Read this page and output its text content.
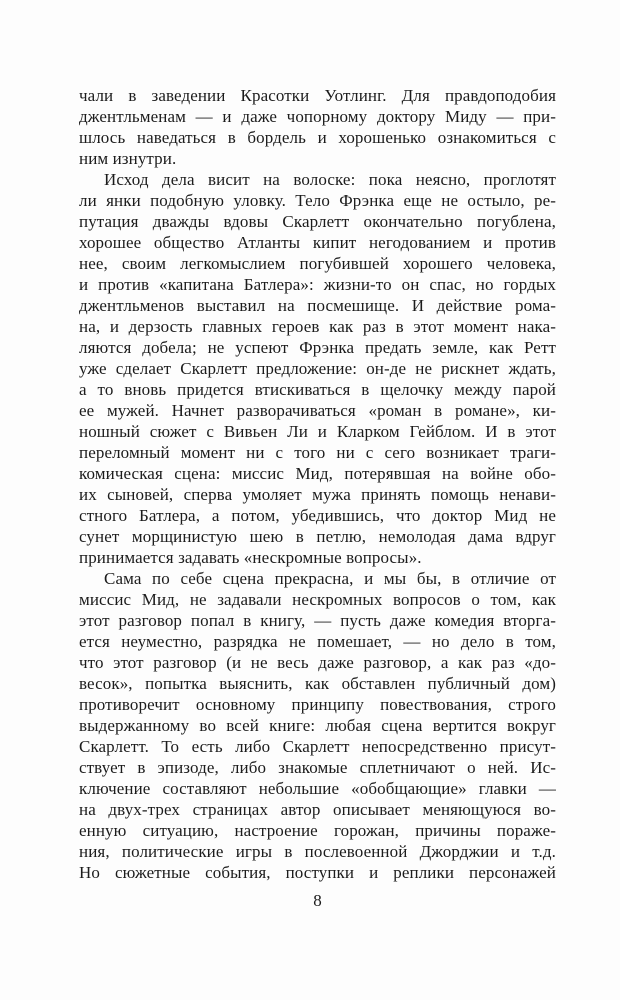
чали в заведении Красотки Уотлинг. Для правдоподобия
джентльменам — и даже чопорному доктору Миду — при-
шлось наведаться в бордель и хорошенько ознакомиться с
ним изнутри.
Исход дела висит на волоске: пока неясно, проглотят
ли янки подобную уловку. Тело Фрэнка еще не остыло, ре-
путация дважды вдовы Скарлетт окончательно погублена,
хорошее общество Атланты кипит негодованием и против
нее, своим легкомыслием погубившей хорошего человека,
и против «капитана Батлера»: жизни-то он спас, но гордых
джентльменов выставил на посмешище. И действие рома-
на, и дерзость главных героев как раз в этот момент нака-
ляются добела; не успеют Фрэнка предать земле, как Ретт
уже сделает Скарлетт предложение: он-де не рискнет ждать,
а то вновь придется втискиваться в щелочку между парой
ее мужей. Начнет разворачиваться «роман в романе», ки-
ношный сюжет с Вивьен Ли и Кларком Гейблом. И в этот
переломный момент ни с того ни с сего возникает траги-
комическая сцена: миссис Мид, потерявшая на войне обо-
их сыновей, сперва умоляет мужа принять помощь ненави-
стного Батлера, а потом, убедившись, что доктор Мид не
сунет морщинистую шею в петлю, немолодая дама вдруг
принимается задавать «нескромные вопросы».
Сама по себе сцена прекрасна, и мы бы, в отличие от
миссис Мид, не задавали нескромных вопросов о том, как
этот разговор попал в книгу, — пусть даже комедия вторга-
ется неуместно, разрядка не помешает, — но дело в том,
что этот разговор (и не весь даже разговор, а как раз «до-
весок», попытка выяснить, как обставлен публичный дом)
противоречит основному принципу повествования, строго
выдержанному во всей книге: любая сцена вертится вокруг
Скарлетт. То есть либо Скарлетт непосредственно присут-
ствует в эпизоде, либо знакомые сплетничают о ней. Ис-
ключение составляют небольшие «обобщающие» главки —
на двух-трех страницах автор описывает меняющуюся во-
енную ситуацию, настроение горожан, причины пораже-
ния, политические игры в послевоенной Джорджии и т.д.
Но сюжетные события, поступки и реплики персонажей
8
